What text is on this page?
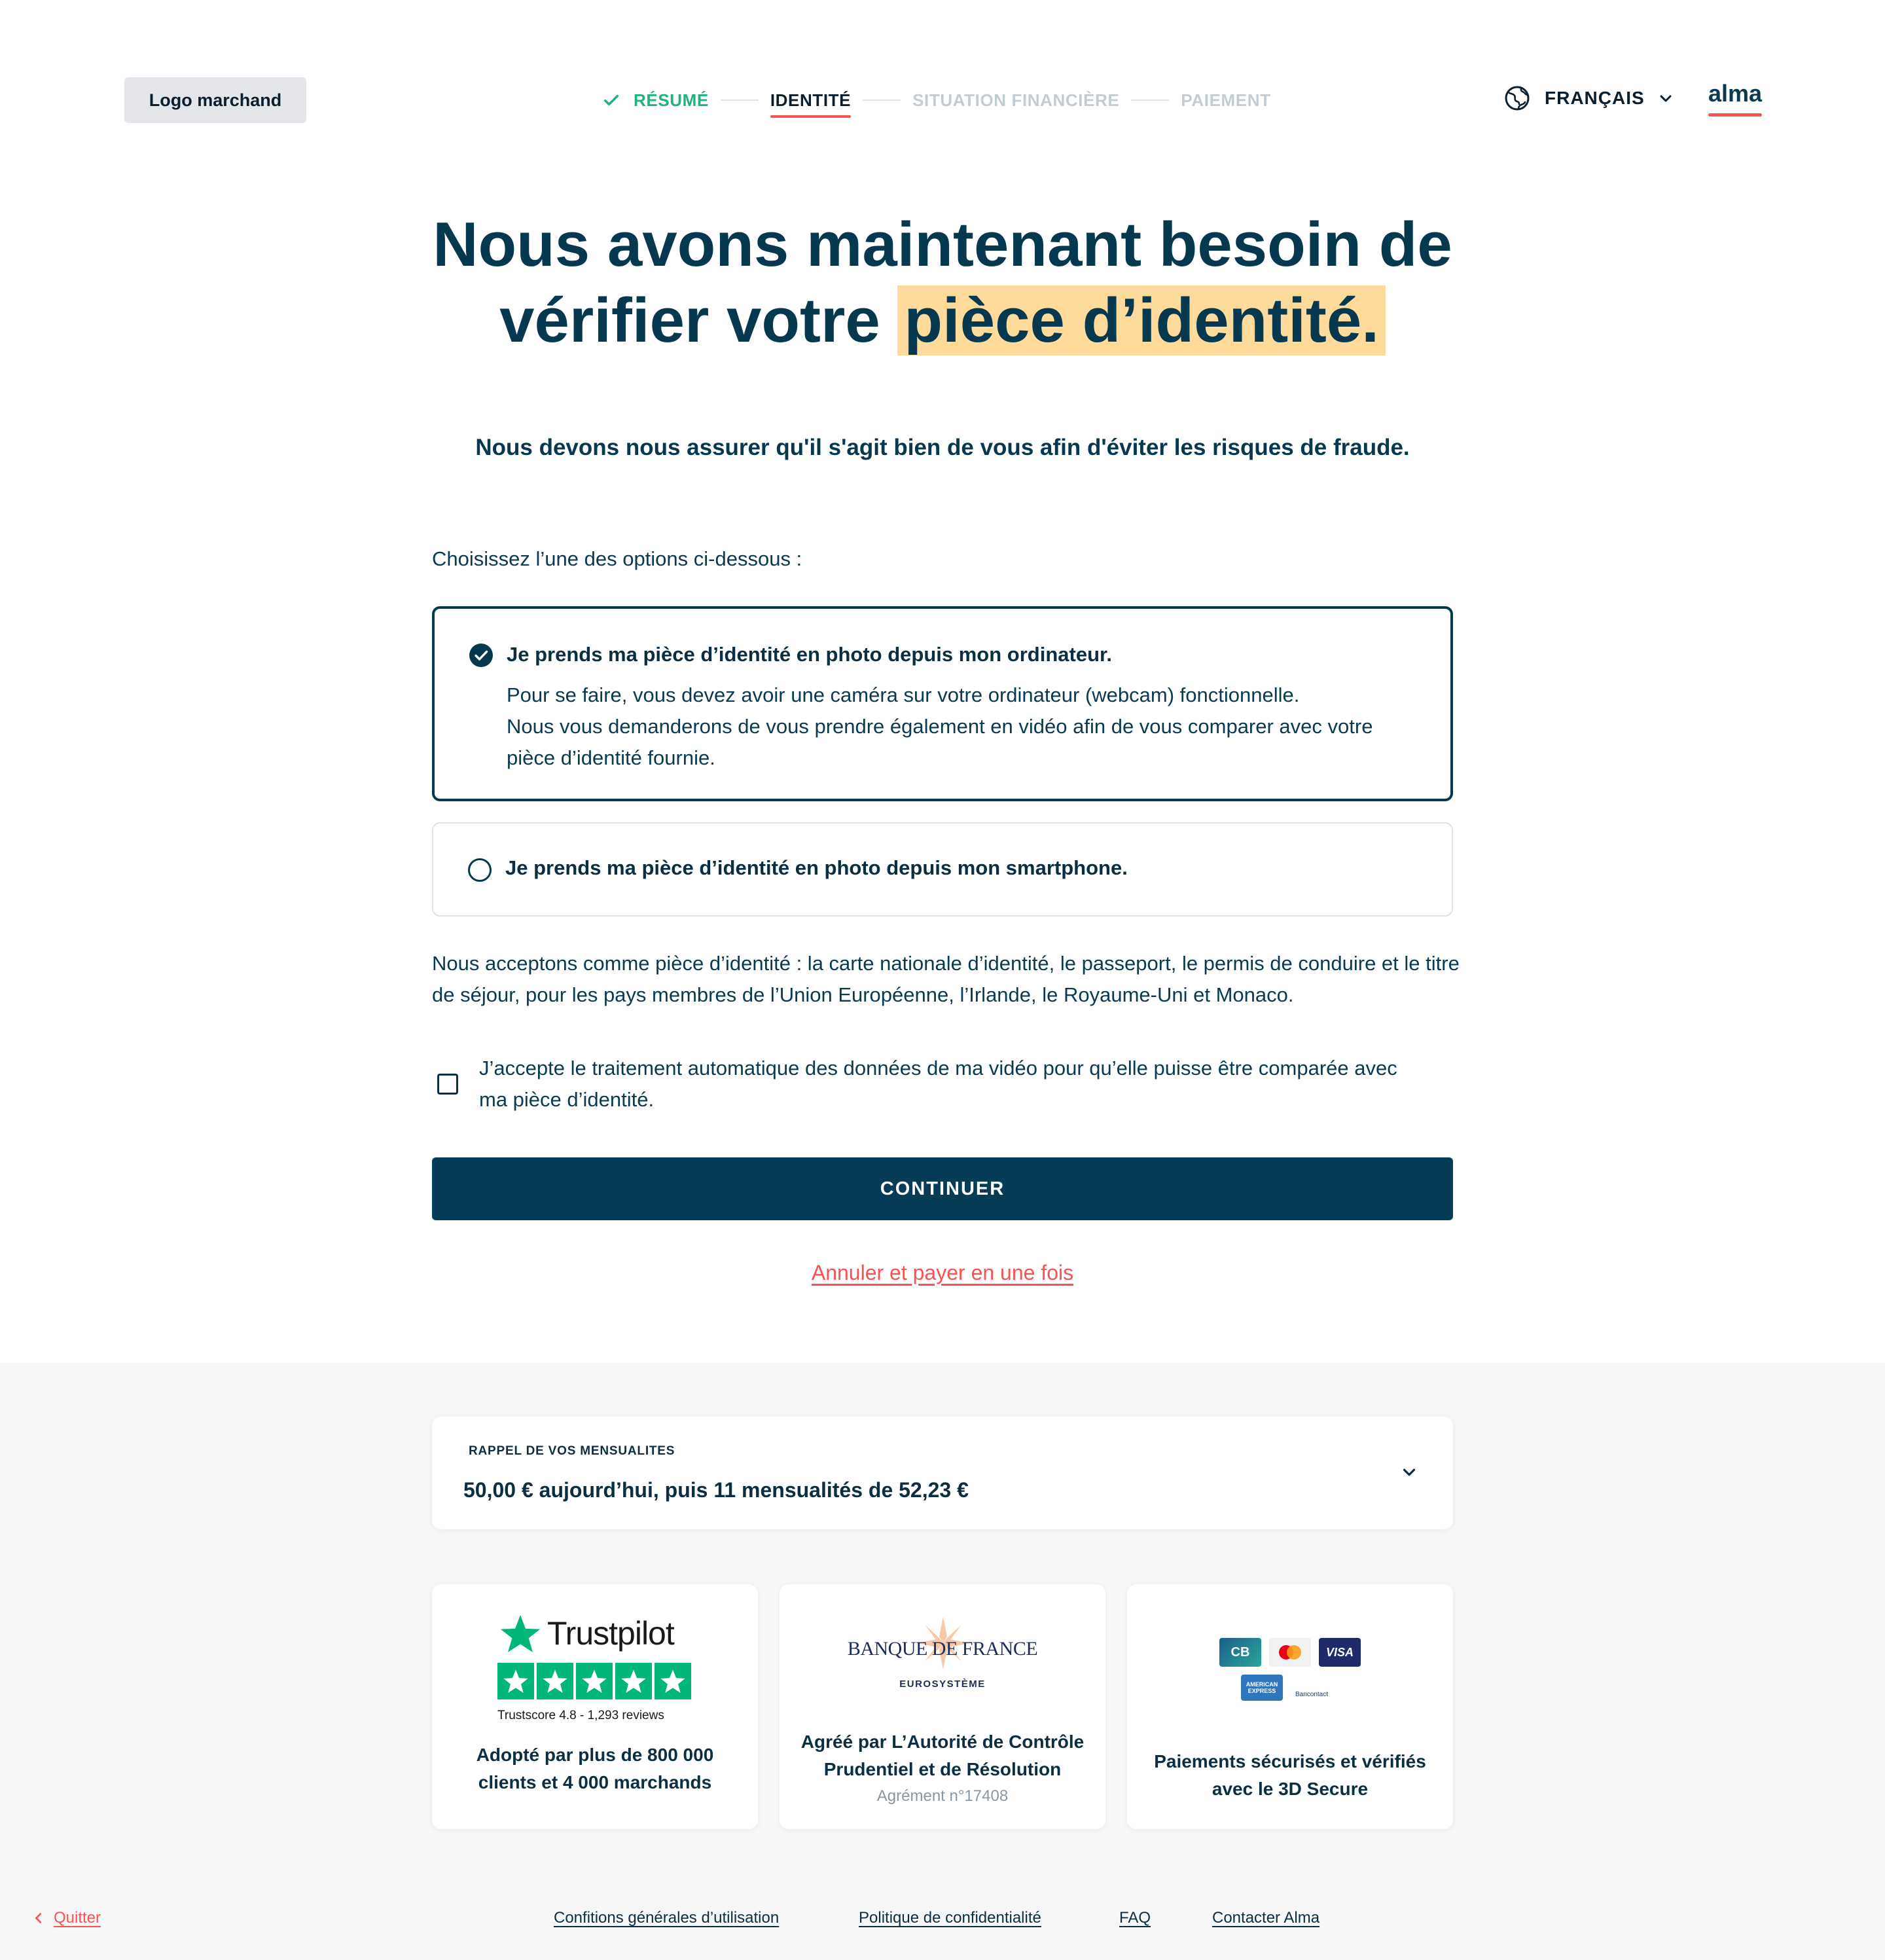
Logo marchand	RÉSUMÉ	IDENTITÉ	SITUATION FINANCIÈRE	PAIEMENT	FRANÇAIS	alma
Nous avons maintenant besoin de
vérifier votre pièce d’identité.

Nous devons nous assurer qu'il s'agit bien de vous afin d'éviter les risques de fraude.

Choisissez l’une des options ci-dessous :

Je prends ma pièce d’identité en photo depuis mon ordinateur.
Pour se faire, vous devez avoir une caméra sur votre ordinateur (webcam) fonctionnelle.
Nous vous demanderons de vous prendre également en vidéo afin de vous comparer avec votre pièce d’identité fournie.
Je prends ma pièce d’identité en photo depuis mon smartphone.

Nous acceptons comme pièce d’identité : la carte nationale d’identité, le passeport, le permis de conduire et le titre de séjour, pour les pays membres de l’Union Européenne, l’Irlande, le Royaume-Uni et Monaco.

J’accepte le traitement automatique des données de ma vidéo pour qu’elle puisse être comparée avec ma pièce d’identité.

CONTINUER
Annuler et payer en une fois
RAPPEL DE VOS MENSUALITES
50,00 € aujourd’hui, puis 11 mensualités de 52,23 €
Trustpilot
Trustscore 4.8 - 1,293 reviews
Adopté par plus de 800 000 clients et 4 000 marchands
BANQUE DE FRANCE
EUROSYSTÈME
Agréé par L’Autorité de Contrôle Prudentiel et de Résolution
Agrément n°17408
CB	VISA
AMERICAN EXPRESS	Bancontact
Paiements sécurisés et vérifiés avec le 3D Secure
Quitter	Confitions générales d’utilisation	Politique de confidentialité	FAQ	Contacter Alma
